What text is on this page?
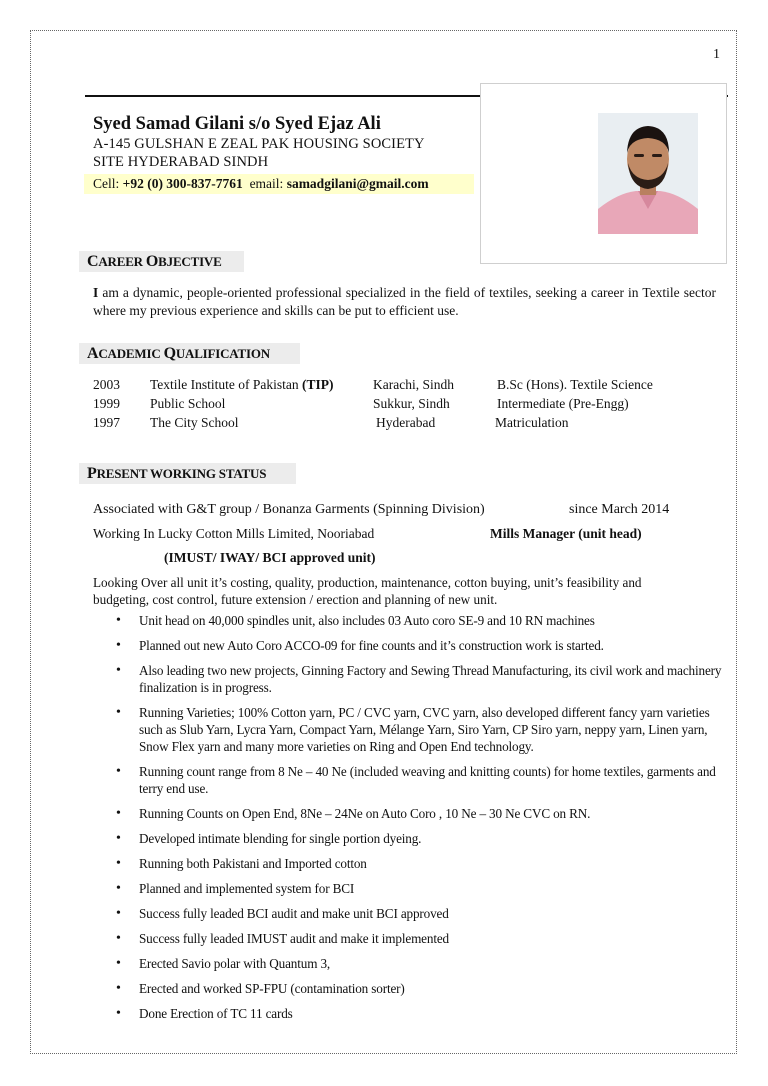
1
Syed Samad Gilani s/o Syed Ejaz Ali
A-145 GULSHAN E ZEAL PAK HOUSING SOCIETY
SITE HYDERABAD SINDH
Cell: +92 (0) 300-837-7761 email: samadgilani@gmail.com
CAREER OBJECTIVE
I am a dynamic, people-oriented professional specialized in the field of textiles, seeking a career in Textile sector where my previous experience and skills can be put to efficient use.
ACADEMIC QUALIFICATION
2003 Textile Institute of Pakistan (TIP)	Karachi, Sindh	B.Sc (Hons). Textile Science
1999 Public School	Sukkur, Sindh	Intermediate (Pre-Engg)
1997 The City School	Hyderabad	Matriculation
PRESENT WORKING STATUS
Associated with G&T group / Bonanza Garments (Spinning Division)	since March 2014
Working In Lucky Cotton Mills Limited, Nooriabad	Mills Manager (unit head)
(IMUST/ IWAY/ BCI approved unit)
Looking Over all unit it’s costing, quality, production, maintenance, cotton buying, unit’s feasibility and budgeting, cost control, future extension / erection and planning of new unit.
• Unit head on 40,000 spindles unit, also includes 03 Auto coro SE-9 and 10 RN machines
• Planned out new Auto Coro ACCO-09 for fine counts and it’s construction work is started.
• Also leading two new projects, Ginning Factory and Sewing Thread Manufacturing, its civil work and machinery finalization is in progress.
• Running Varieties; 100% Cotton yarn, PC / CVC yarn, CVC yarn, also developed different fancy yarn varieties such as Slub Yarn, Lycra Yarn, Compact Yarn, Mélange Yarn, Siro Yarn, CP Siro yarn, neppy yarn, Linen yarn, Snow Flex yarn and many more varieties on Ring and Open End technology.
• Running count range from 8 Ne – 40 Ne (included weaving and knitting counts) for home textiles, garments and terry end use.
• Running Counts on Open End, 8Ne – 24Ne on Auto Coro , 10 Ne – 30 Ne CVC on RN.
• Developed intimate blending for single portion dyeing.
• Running both Pakistani and Imported cotton
• Planned and implemented system for BCI
• Success fully leaded BCI audit and make unit BCI approved
• Success fully leaded IMUST audit and make it implemented
• Erected Savio polar with Quantum 3,
• Erected and worked SP-FPU (contamination sorter)
• Done Erection of TC 11 cards
